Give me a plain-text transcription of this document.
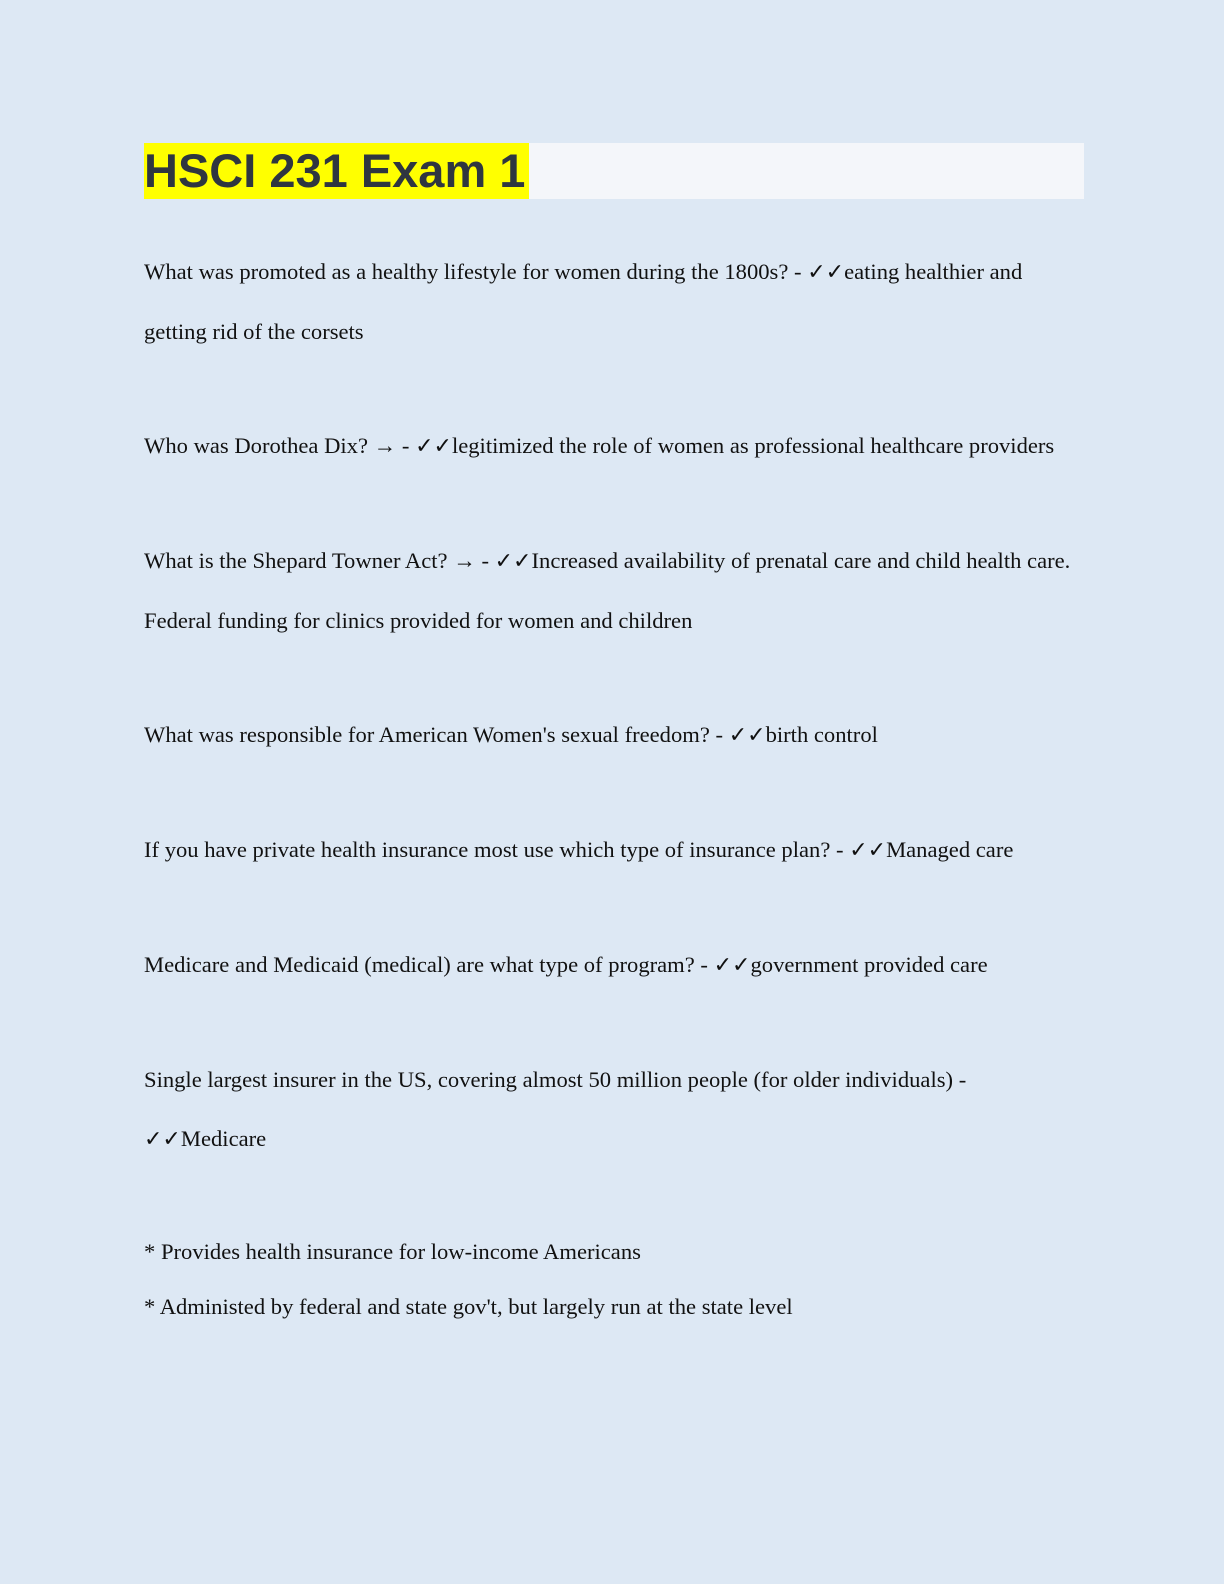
HSCI 231 Exam 1

What was promoted as a healthy lifestyle for women during the 1800s? - ✓✓eating healthier and getting rid of the corsets

Who was Dorothea Dix? → - ✓✓legitimized the role of women as professional healthcare providers

What is the Shepard Towner Act? → - ✓✓Increased availability of prenatal care and child health care. Federal funding for clinics provided for women and children

What was responsible for American Women's sexual freedom? - ✓✓birth control

If you have private health insurance most use which type of insurance plan? - ✓✓Managed care

Medicare and Medicaid (medical) are what type of program? - ✓✓government provided care

Single largest insurer in the US, covering almost 50 million people (for older individuals) -
✓✓Medicare

* Provides health insurance for low-income Americans

* Administed by federal and state gov't, but largely run at the state level
